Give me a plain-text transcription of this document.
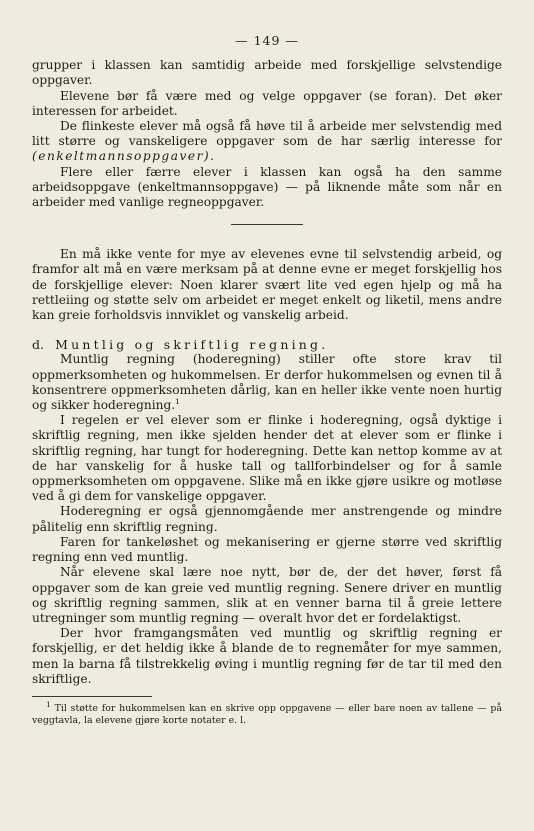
— 149 —

grupper i klassen kan samtidig arbeide med forskjellige selvstendige oppgaver.

Elevene bør få være med og velge oppgaver (se foran). Det øker interessen for arbeidet.

De flinkeste elever må også få høve til å arbeide mer selvstendig med litt større og vanskeligere oppgaver som de har særlig interesse for (enkeltmannsoppgaver).

Flere eller færre elever i klassen kan også ha den samme arbeidsoppgave (enkeltmannsoppgave) — på liknende måte som når en arbeider med vanlige regneoppgaver.

En må ikke vente for mye av elevenes evne til selvstendig arbeid, og framfor alt må en være merksam på at denne evne er meget forskjellig hos de forskjellige elever: Noen klarer svært lite ved egen hjelp og må ha rettleiing og støtte selv om arbeidet er meget enkelt og liketil, mens andre kan greie forholdsvis innviklet og vanskelig arbeid.

d. Muntlig og skriftlig regning.

Muntlig regning (hoderegning) stiller ofte store krav til oppmerksomheten og hukommelsen. Er derfor hukommelsen og evnen til å konsentrere oppmerksomheten dårlig, kan en heller ikke vente noen hurtig og sikker hoderegning.$^1$

I regelen er vel elever som er flinke i hoderegning, også dyktige i skriftlig regning, men ikke sjelden hender det at elever som er flinke i skriftlig regning, har tungt for hoderegning. Dette kan nettop komme av at de har vanskelig for å huske tall og tallforbindelser og for å samle oppmerksomheten om oppgavene. Slike må en ikke gjøre usikre og motløse ved å gi dem for vanskelige oppgaver.

Hoderegning er også gjennomgående mer anstrengende og mindre pålitelig enn skriftlig regning.

Faren for tankeløshet og mekanisering er gjerne større ved skriftlig regning enn ved muntlig.

Når elevene skal lære noe nytt, bør de, der det høver, først få oppgaver som de kan greie ved muntlig regning. Senere driver en muntlig og skriftlig regning sammen, slik at en venner barna til å greie lettere utregninger som muntlig regning — overalt hvor det er fordelaktigst.

Der hvor framgangsmåten ved muntlig og skriftlig regning er forskjellig, er det heldig ikke å blande de to regnemåter for mye sammen, men la barna få tilstrekkelig øving i muntlig regning før de tar til med den skriftlige.

$^1$ Til støtte for hukommelsen kan en skrive opp oppgavene — eller bare noen av tallene — på veggtavla, la elevene gjøre korte notater e. l.
